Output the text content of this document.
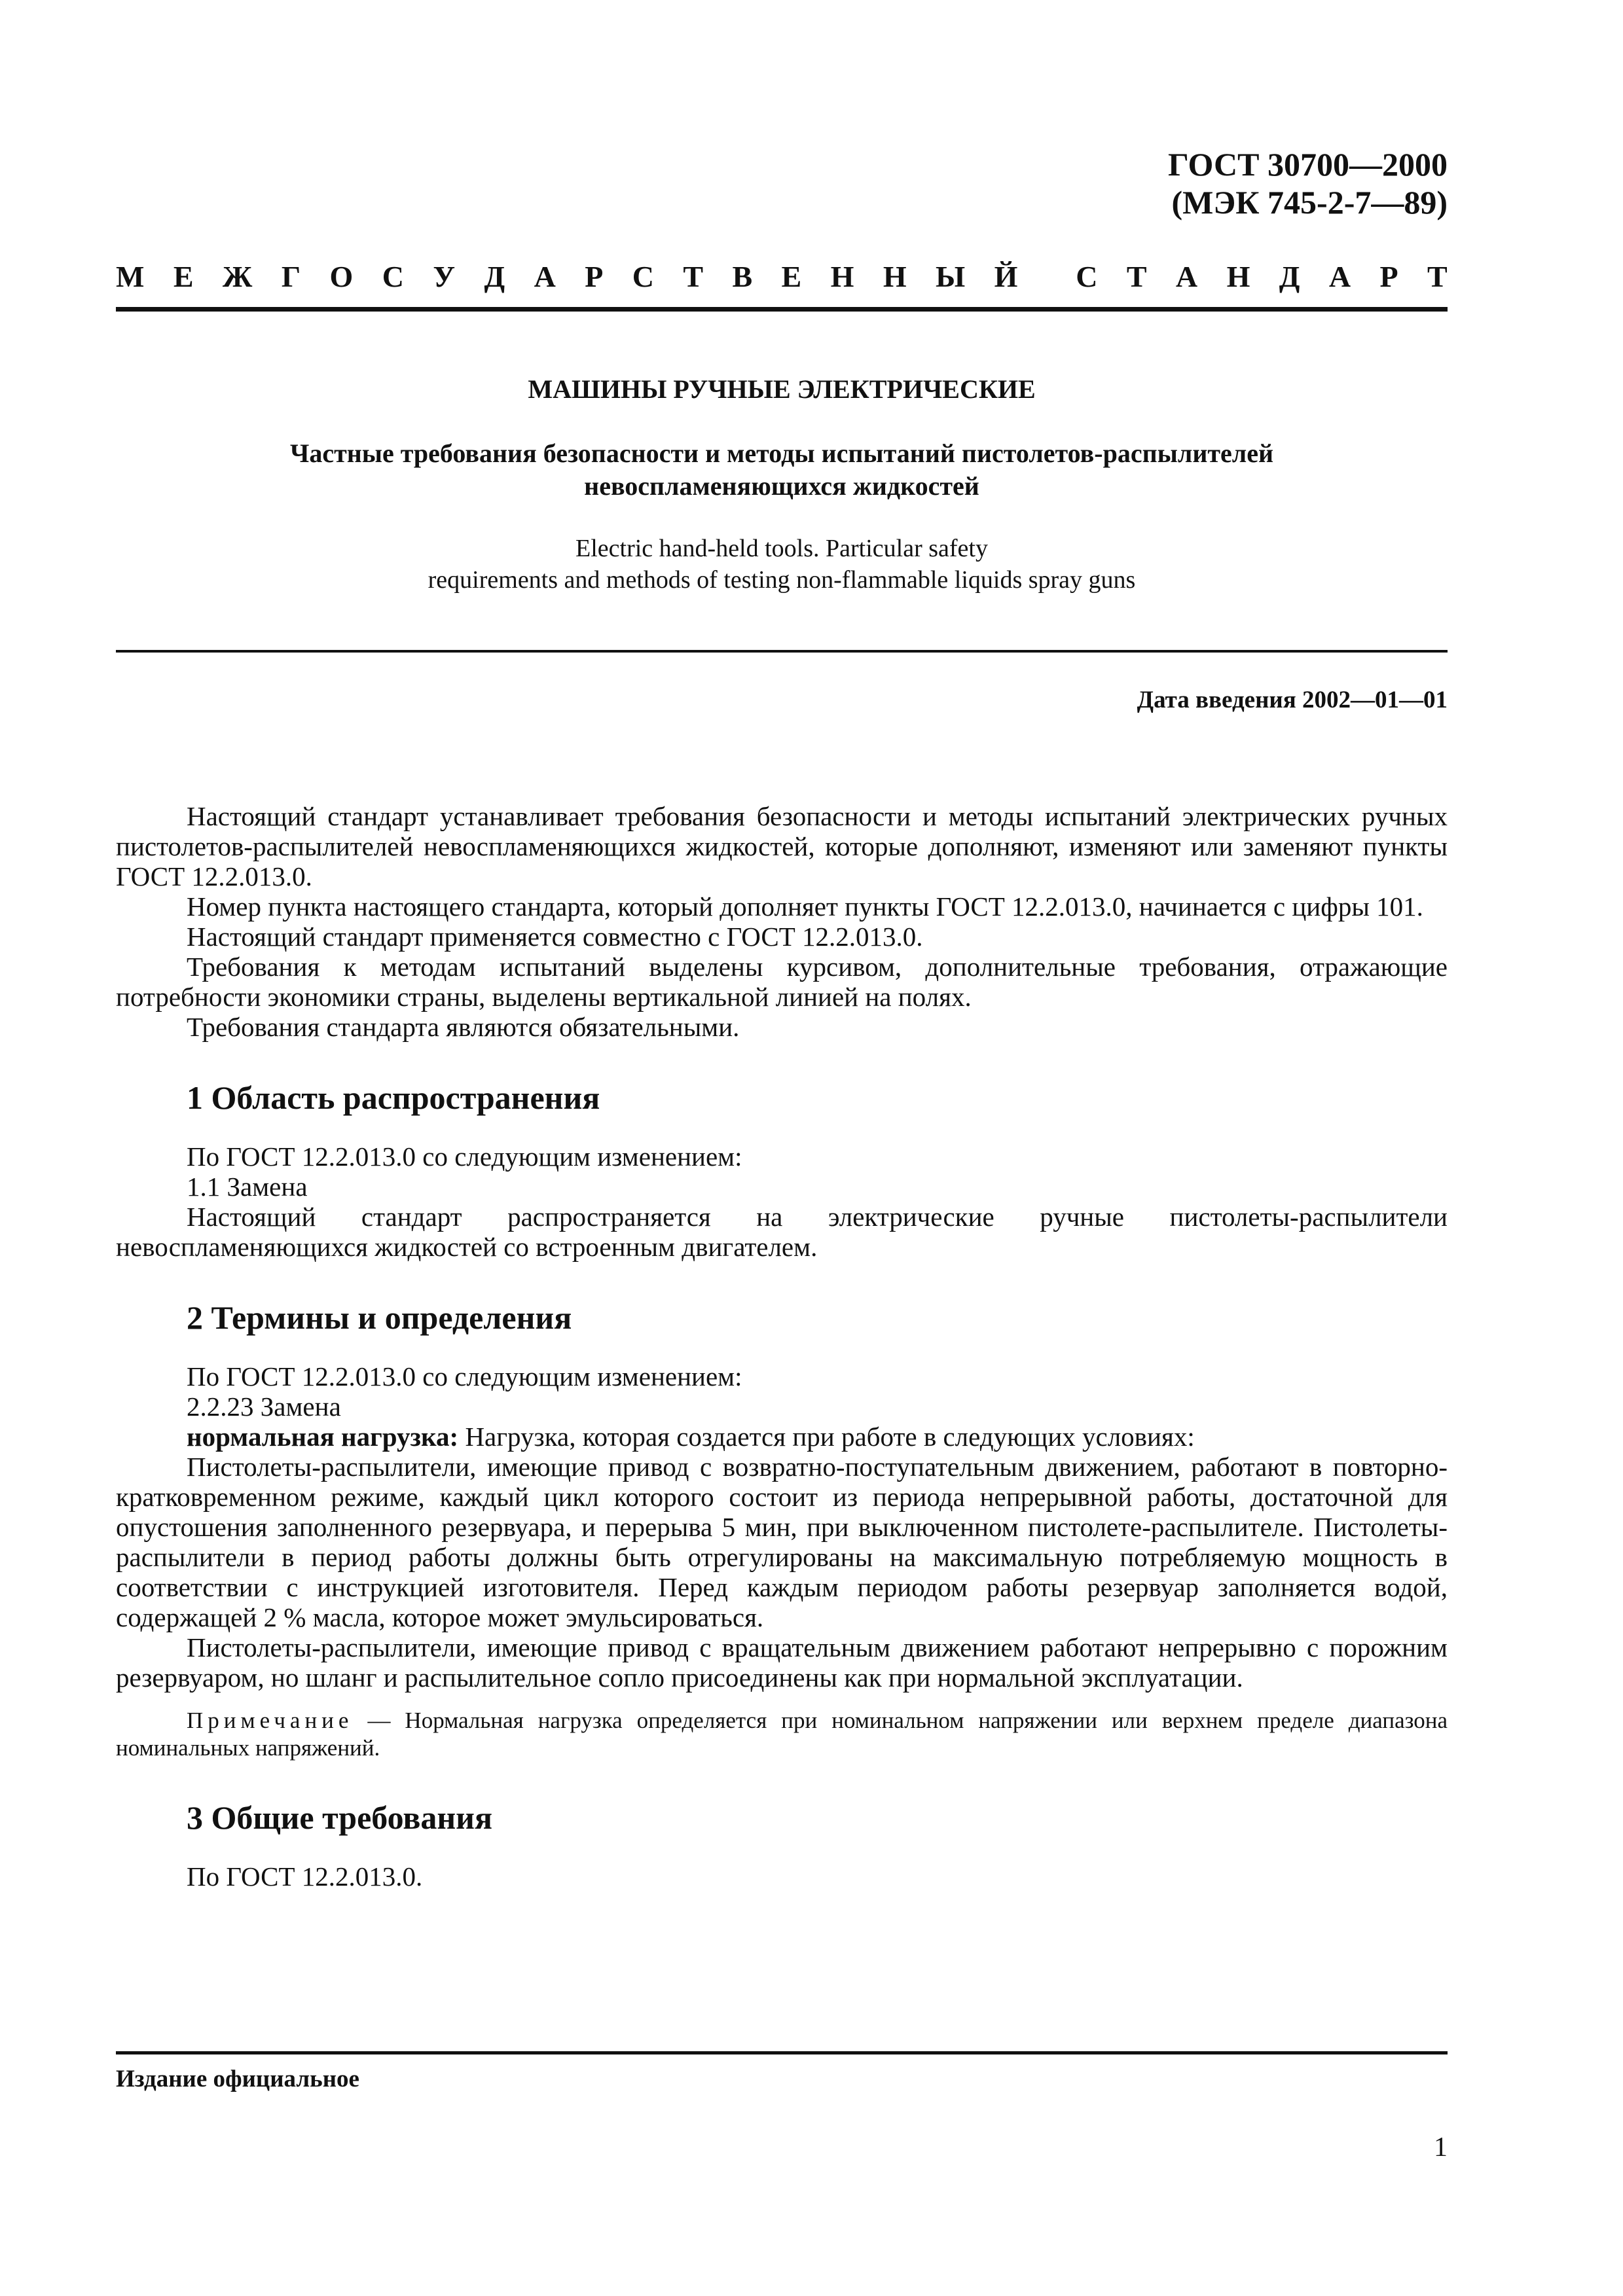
ГОСТ 30700—2000
(МЭК 745-2-7—89)
М Е Ж Г О С У Д А Р С Т В Е Н Н Ы Й С Т А Н Д А Р Т
МАШИНЫ РУЧНЫЕ ЭЛЕКТРИЧЕСКИЕ
Частные требования безопасности и методы испытаний пистолетов-распылителей
невоспламеняющихся жидкостей
Electric hand-held tools. Particular safety
requirements and methods of testing non-flammable liquids spray guns
Дата введения 2002—01—01

Настоящий стандарт устанавливает требования безопасности и методы испытаний электрических ручных пистолетов-распылителей невоспламеняющихся жидкостей, которые дополняют, изменяют или заменяют пункты ГОСТ 12.2.013.0.

Номер пункта настоящего стандарта, который дополняет пункты ГОСТ 12.2.013.0, начинается с цифры 101.

Настоящий стандарт применяется совместно с ГОСТ 12.2.013.0.

Требования к методам испытаний выделены курсивом, дополнительные требования, отражающие потребности экономики страны, выделены вертикальной линией на полях.

Требования стандарта являются обязательными.

1 Область распространения

По ГОСТ 12.2.013.0 со следующим изменением:

1.1 Замена

Настоящий стандарт распространяется на электрические ручные пистолеты-распылители невоспламеняющихся жидкостей со встроенным двигателем.

2 Термины и определения

По ГОСТ 12.2.013.0 со следующим изменением:

2.2.23 Замена

нормальная нагрузка: Нагрузка, которая создается при работе в следующих условиях:

Пистолеты-распылители, имеющие привод с возвратно-поступательным движением, работают в повторно-кратковременном режиме, каждый цикл которого состоит из периода непрерывной работы, достаточной для опустошения заполненного резервуара, и перерыва 5 мин, при выключенном пистолете-распылителе. Пистолеты-распылители в период работы должны быть отрегулированы на максимальную потребляемую мощность в соответствии с инструкцией изготовителя. Перед каждым периодом работы резервуар заполняется водой, содержащей 2 % масла, которое может эмульсироваться.

Пистолеты-распылители, имеющие привод с вращательным движением работают непрерывно с порожним резервуаром, но шланг и распылительное сопло присоединены как при нормальной эксплуатации.

Примечание — Нормальная нагрузка определяется при номинальном напряжении или верхнем пределе диапазона номинальных напряжений.

3 Общие требования

По ГОСТ 12.2.013.0.

Издание официальное
1
